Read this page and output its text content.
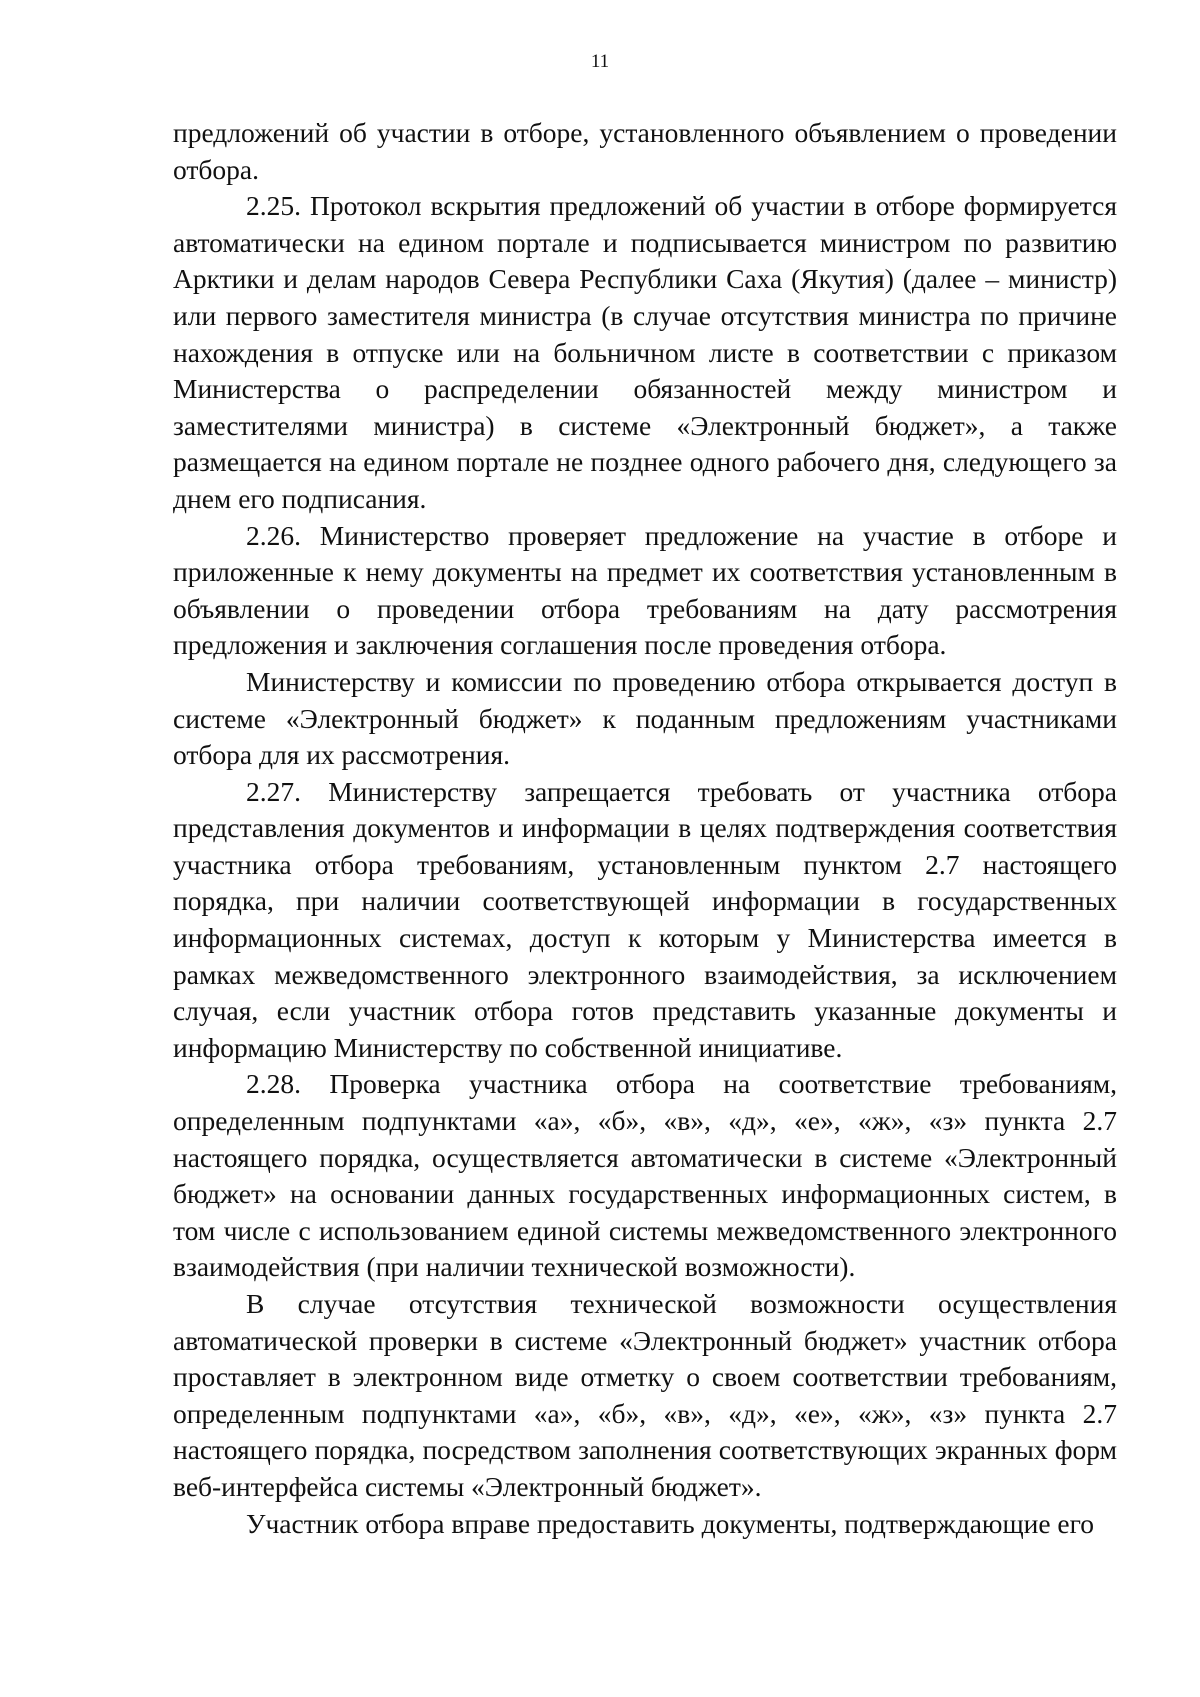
11

предложений об участии в отборе, установленного объявлением о проведении отбора.

2.25. Протокол вскрытия предложений об участии в отборе формируется автоматически на едином портале и подписывается министром по развитию Арктики и делам народов Севера Республики Саха (Якутия) (далее – министр) или первого заместителя министра (в случае отсутствия министра по причине нахождения в отпуске или на больничном листе в соответствии с приказом Министерства о распределении обязанностей между министром и заместителями министра) в системе «Электронный бюджет», а также размещается на едином портале не позднее одного рабочего дня, следующего за днем его подписания.

2.26. Министерство проверяет предложение на участие в отборе и приложенные к нему документы на предмет их соответствия установленным в объявлении о проведении отбора требованиям на дату рассмотрения предложения и заключения соглашения после проведения отбора.

Министерству и комиссии по проведению отбора открывается доступ в системе «Электронный бюджет» к поданным предложениям участниками отбора для их рассмотрения.

2.27. Министерству запрещается требовать от участника отбора представления документов и информации в целях подтверждения соответствия участника отбора требованиям, установленным пунктом 2.7 настоящего порядка, при наличии соответствующей информации в государственных информационных системах, доступ к которым у Министерства имеется в рамках межведомственного электронного взаимодействия, за исключением случая, если участник отбора готов представить указанные документы и информацию Министерству по собственной инициативе.

2.28. Проверка участника отбора на соответствие требованиям, определенным подпунктами «а», «б», «в», «д», «е», «ж», «з» пункта 2.7 настоящего порядка, осуществляется автоматически в системе «Электронный бюджет» на основании данных государственных информационных систем, в том числе с использованием единой системы межведомственного электронного взаимодействия (при наличии технической возможности).

В случае отсутствия технической возможности осуществления автоматической проверки в системе «Электронный бюджет» участник отбора проставляет в электронном виде отметку о своем соответствии требованиям, определенным подпунктами «а», «б», «в», «д», «е», «ж», «з» пункта 2.7 настоящего порядка, посредством заполнения соответствующих экранных форм веб-интерфейса системы «Электронный бюджет».

Участник отбора вправе предоставить документы, подтверждающие его
